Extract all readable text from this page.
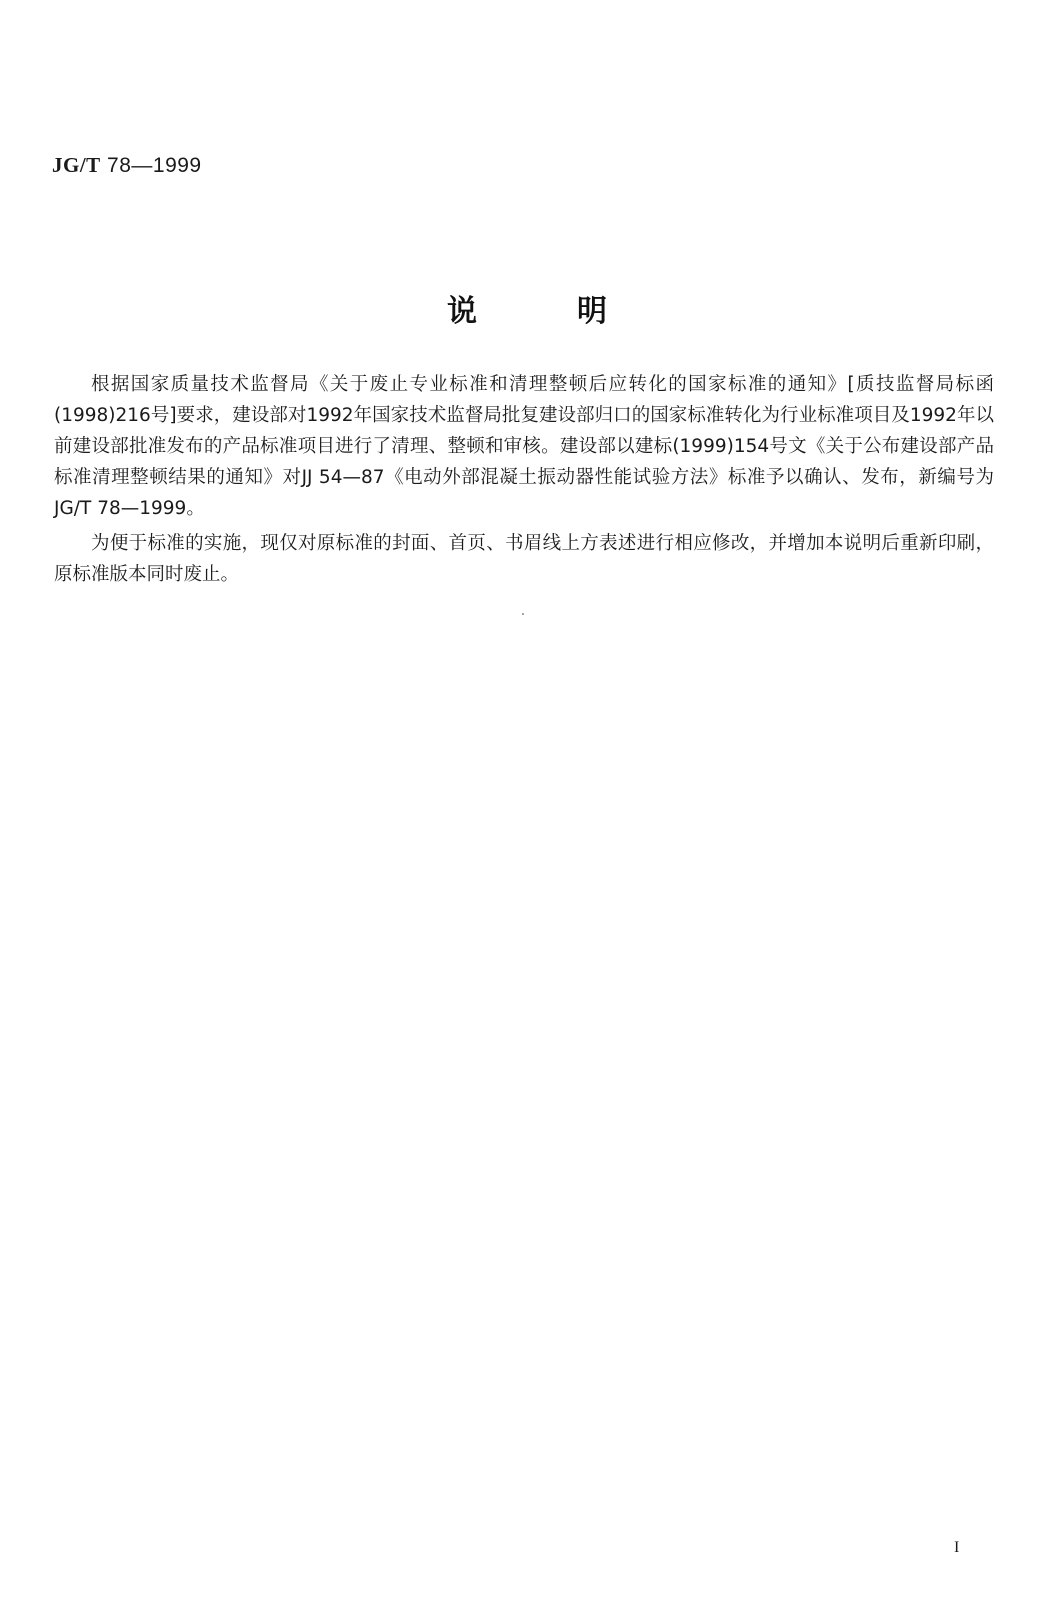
JG/T 78—1999
说明

根据国家质量技术监督局《关于废止专业标准和清理整顿后应转化的国家标准的通知》[质技监督局标函(1998)216号]要求，建设部对1992年国家技术监督局批复建设部归口的国家标准转化为行业标准项目及1992年以前建设部批准发布的产品标准项目进行了清理、整顿和审核。建设部以建标(1999)154号文《关于公布建设部产品标准清理整顿结果的通知》对JJ 54—87《电动外部混凝土振动器性能试验方法》标准予以确认、发布，新编号为JG/T 78—1999。

为便于标准的实施，现仅对原标准的封面、首页、书眉线上方表述进行相应修改，并增加本说明后重新印刷，原标准版本同时废止。

I
